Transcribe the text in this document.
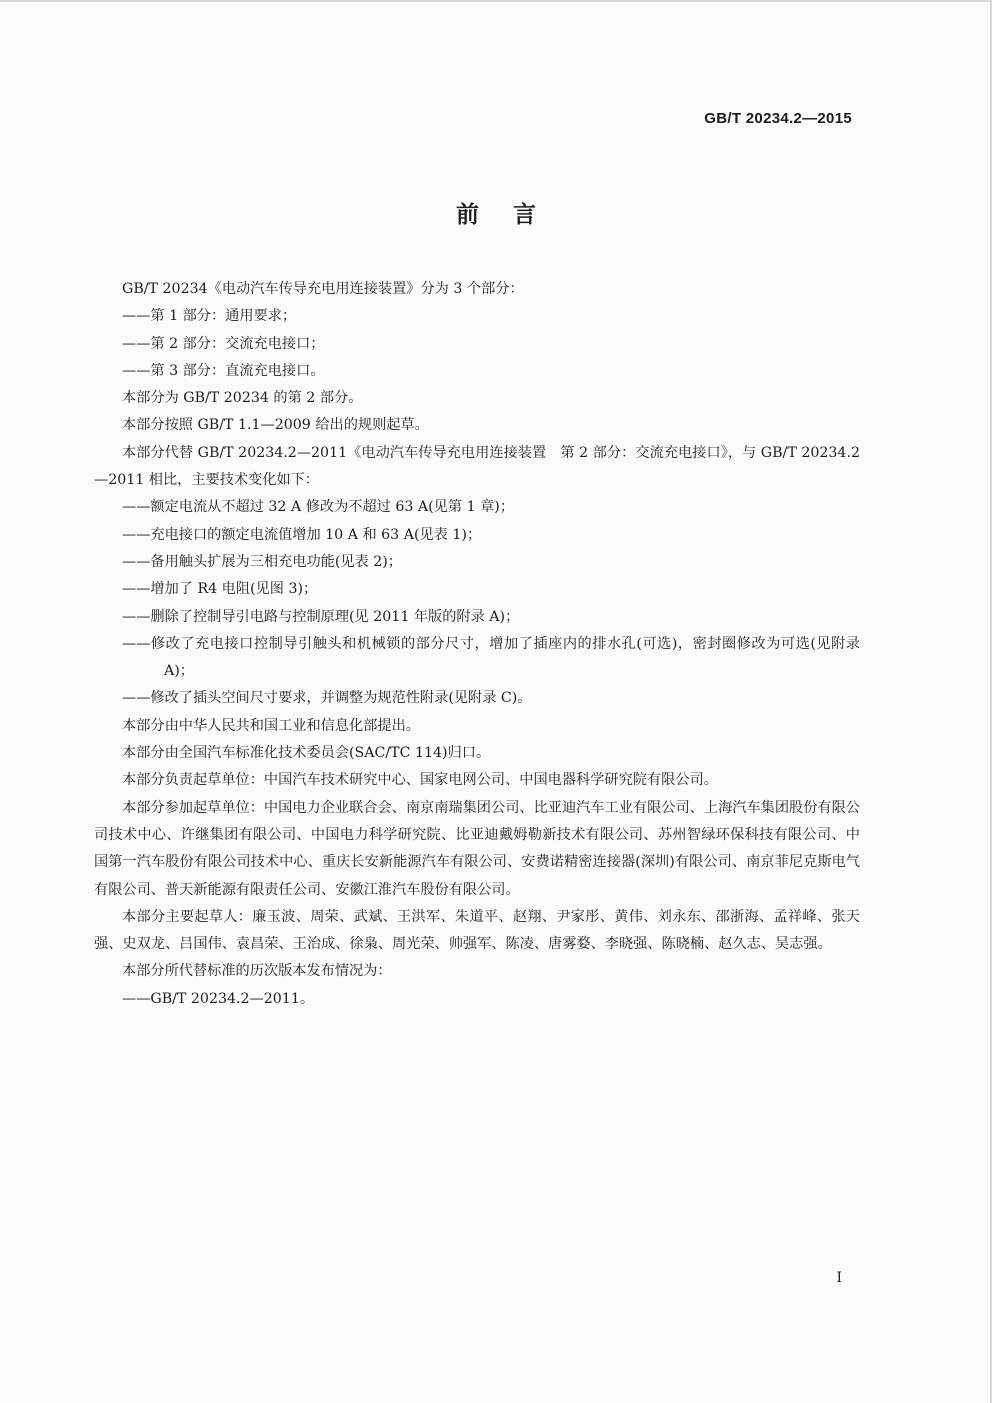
GB/T 20234.2—2015
前言

GB/T 20234《电动汽车传导充电用连接装置》分为 3 个部分：

——第 1 部分：通用要求；

——第 2 部分：交流充电接口；

——第 3 部分：直流充电接口。

本部分为 GB/T 20234 的第 2 部分。

本部分按照 GB/T 1.1—2009 给出的规则起草。

本部分代替 GB/T 20234.2—2011《电动汽车传导充电用连接装置　第 2 部分：交流充电接口》，与 GB/T 20234.2—2011 相比，主要技术变化如下：

——额定电流从不超过 32 A 修改为不超过 63 A(见第 1 章)；

——充电接口的额定电流值增加 10 A 和 63 A(见表 1)；

——备用触头扩展为三相充电功能(见表 2)；

——增加了 R4 电阻(见图 3)；

——删除了控制导引电路与控制原理(见 2011 年版的附录 A)；

——修改了充电接口控制导引触头和机械锁的部分尺寸，增加了插座内的排水孔(可选)，密封圈修改为可选(见附录 A)；

——修改了插头空间尺寸要求，并调整为规范性附录(见附录 C)。

本部分由中华人民共和国工业和信息化部提出。

本部分由全国汽车标准化技术委员会(SAC/TC 114)归口。

本部分负责起草单位：中国汽车技术研究中心、国家电网公司、中国电器科学研究院有限公司。

本部分参加起草单位：中国电力企业联合会、南京南瑞集团公司、比亚迪汽车工业有限公司、上海汽车集团股份有限公司技术中心、许继集团有限公司、中国电力科学研究院、比亚迪戴姆勒新技术有限公司、苏州智绿环保科技有限公司、中国第一汽车股份有限公司技术中心、重庆长安新能源汽车有限公司、安费诺精密连接器(深圳)有限公司、南京菲尼克斯电气有限公司、普天新能源有限责任公司、安徽江淮汽车股份有限公司。

本部分主要起草人：廉玉波、周荣、武斌、王洪军、朱道平、赵翔、尹家彤、黄伟、刘永东、邵浙海、孟祥峰、张天强、史双龙、吕国伟、袁昌荣、王治成、徐枭、周光荣、帅强军、陈凌、唐雾婺、李晓强、陈晓楠、赵久志、吴志强。

本部分所代替标准的历次版本发布情况为：

——GB/T 20234.2—2011。

I
